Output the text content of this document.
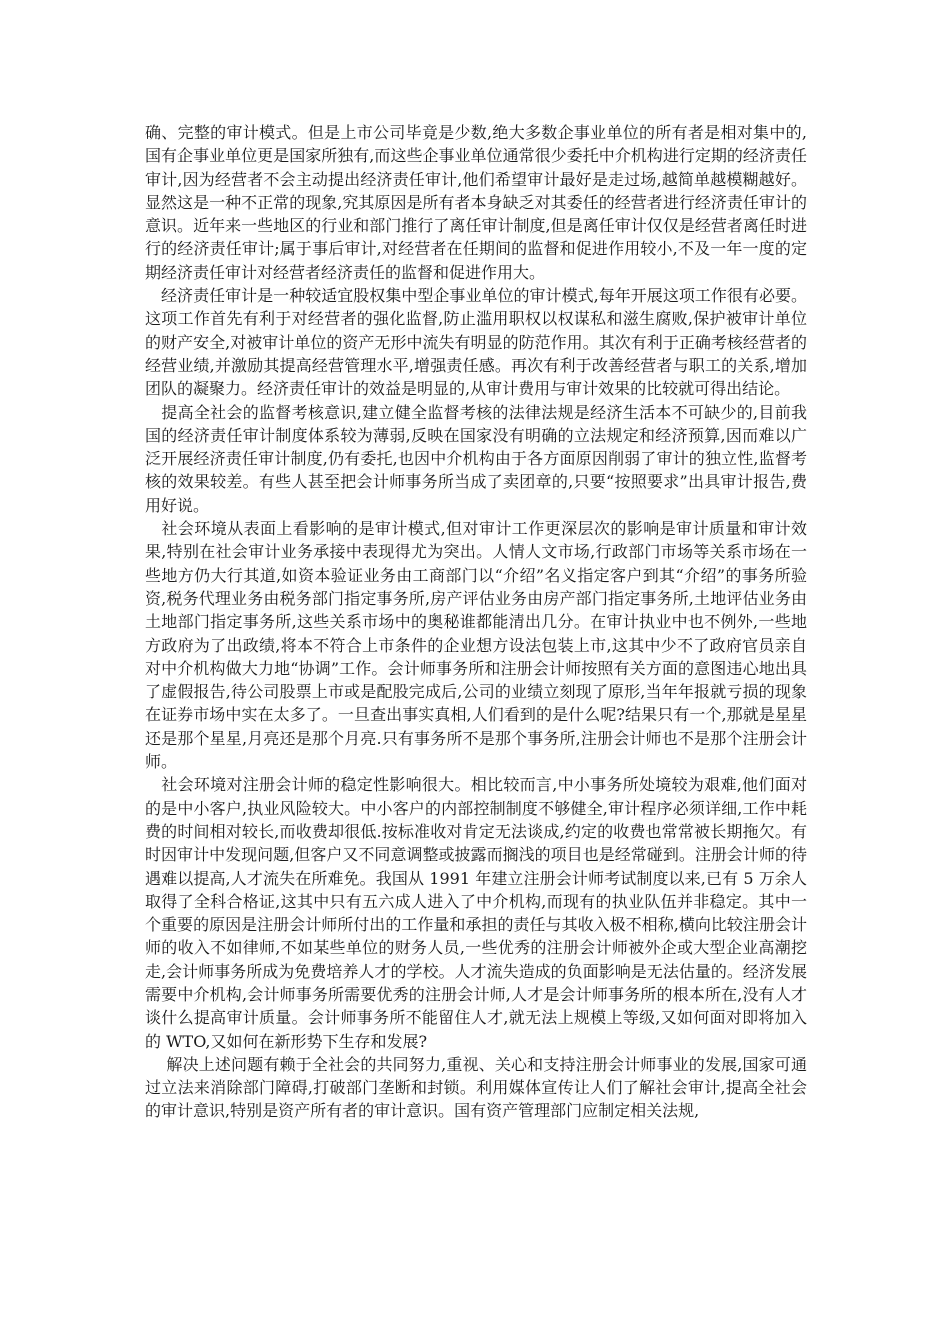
确、完整的审计模式。但是上市公司毕竟是少数,绝大多数企事业单位的所有者是相对集中的,国有企事业单位更是国家所独有,而这些企事业单位通常很少委托中介机构进行定期的经济责任审计,因为经营者不会主动提出经济责任审计,他们希望审计最好是走过场,越简单越模糊越好。显然这是一种不正常的现象,究其原因是所有者本身缺乏对其委任的经营者进行经济责任审计的意识。近年来一些地区的行业和部门推行了离任审计制度,但是离任审计仅仅是经营者离任时进行的经济责任审计;属于事后审计,对经营者在任期间的监督和促进作用较小,不及一年一度的定期经济责任审计对经营者经济责任的监督和促进作用大。

　经济责任审计是一种较适宜股权集中型企事业单位的审计模式,每年开展这项工作很有必要。这项工作首先有利于对经营者的强化监督,防止滥用职权以权谋私和滋生腐败,保护被审计单位的财产安全,对被审计单位的资产无形中流失有明显的防范作用。其次有利于正确考核经营者的经营业绩,并激励其提高经营管理水平,增强责任感。再次有利于改善经营者与职工的关系,增加团队的凝聚力。经济责任审计的效益是明显的,从审计费用与审计效果的比较就可得出结论。

　提高全社会的监督考核意识,建立健全监督考核的法律法规是经济生活本不可缺少的,目前我国的经济责任审计制度体系较为薄弱,反映在国家没有明确的立法规定和经济预算,因而难以广泛开展经济责任审计制度,仍有委托,也因中介机构由于各方面原因削弱了审计的独立性,监督考核的效果较差。有些人甚至把会计师事务所当成了卖团章的,只要“按照要求”出具审计报告,费用好说。

　社会环境从表面上看影响的是审计模式,但对审计工作更深层次的影响是审计质量和审计效果,特别在社会审计业务承接中表现得尤为突出。人情人文市场,行政部门市场等关系市场在一些地方仍大行其道,如资本验证业务由工商部门以“介绍”名义指定客户到其“介绍”的事务所验资,税务代理业务由税务部门指定事务所,房产评估业务由房产部门指定事务所,土地评估业务由土地部门指定事务所,这些关系市场中的奥秘谁都能清出几分。在审计执业中也不例外,一些地方政府为了出政绩,将本不符合上市条件的企业想方设法包装上市,这其中少不了政府官员亲自对中介机构做大力地“协调”工作。会计师事务所和注册会计师按照有关方面的意图违心地出具了虚假报告,待公司股票上市或是配股完成后,公司的业绩立刻现了原形,当年年报就亏损的现象在证券市场中实在太多了。一旦查出事实真相,人们看到的是什么呢?结果只有一个,那就是星星还是那个星星,月亮还是那个月亮.只有事务所不是那个事务所,注册会计师也不是那个注册会计师。

　社会环境对注册会计师的稳定性影响很大。相比较而言,中小事务所处境较为艰难,他们面对的是中小客户,执业风险较大。中小客户的内部控制制度不够健全,审计程序必须详细,工作中耗费的时间相对较长,而收费却很低.按标准收对肯定无法谈成,约定的收费也常常被长期拖欠。有时因审计中发现问题,但客户又不同意调整或披露而搁浅的项目也是经常碰到。注册会计师的待遇难以提高,人才流失在所难免。我国从 1991 年建立注册会计师考试制度以来,已有 5 万余人取得了全科合格证,这其中只有五六成人进入了中介机构,而现有的执业队伍并非稳定。其中一个重要的原因是注册会计师所付出的工作量和承担的责任与其收入极不相称,横向比较注册会计师的收入不如律师,不如某些单位的财务人员,一些优秀的注册会计师被外企或大型企业高潮挖走,会计师事务所成为免费培养人才的学校。人才流失造成的负面影响是无法估量的。经济发展需要中介机构,会计师事务所需要优秀的注册会计师,人才是会计师事务所的根本所在,没有人才谈什么提高审计质量。会计师事务所不能留住人才,就无法上规模上等级,又如何面对即将加入的 WTO,又如何在新形势下生存和发展?

　 解决上述问题有赖于全社会的共同努力,重视、关心和支持注册会计师事业的发展,国家可通过立法来消除部门障碍,打破部门垄断和封锁。利用媒体宣传让人们了解社会审计,提高全社会的审计意识,特别是资产所有者的审计意识。国有资产管理部门应制定相关法规,
